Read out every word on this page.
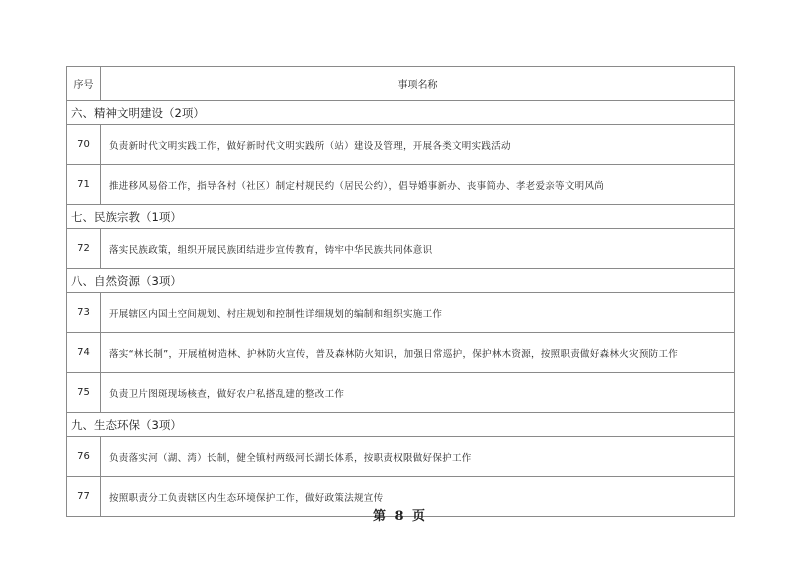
序号	事项名称
六、精神文明建设（2项）	
70	负责新时代文明实践工作，做好新时代文明实践所（站）建设及管理，开展各类文明实践活动
71	推进移风易俗工作，指导各村（社区）制定村规民约（居民公约），倡导婚事新办、丧事简办、孝老爱亲等文明风尚
七、民族宗教（1项）	
72	落实民族政策，组织开展民族团结进步宣传教育，铸牢中华民族共同体意识
八、自然资源（3项）	
73	开展辖区内国土空间规划、村庄规划和控制性详细规划的编制和组织实施工作
74	落实“林长制”，开展植树造林、护林防火宣传，普及森林防火知识，加强日常巡护，保护林木资源，按照职责做好森林火灾预防工作
75	负责卫片图斑现场核查，做好农户私搭乱建的整改工作
九、生态环保（3项）	
76	负责落实河（湖、湾）长制，健全镇村两级河长湖长体系，按职责权限做好保护工作
77	按照职责分工负责辖区内生态环境保护工作，做好政策法规宣传
第 8 页
